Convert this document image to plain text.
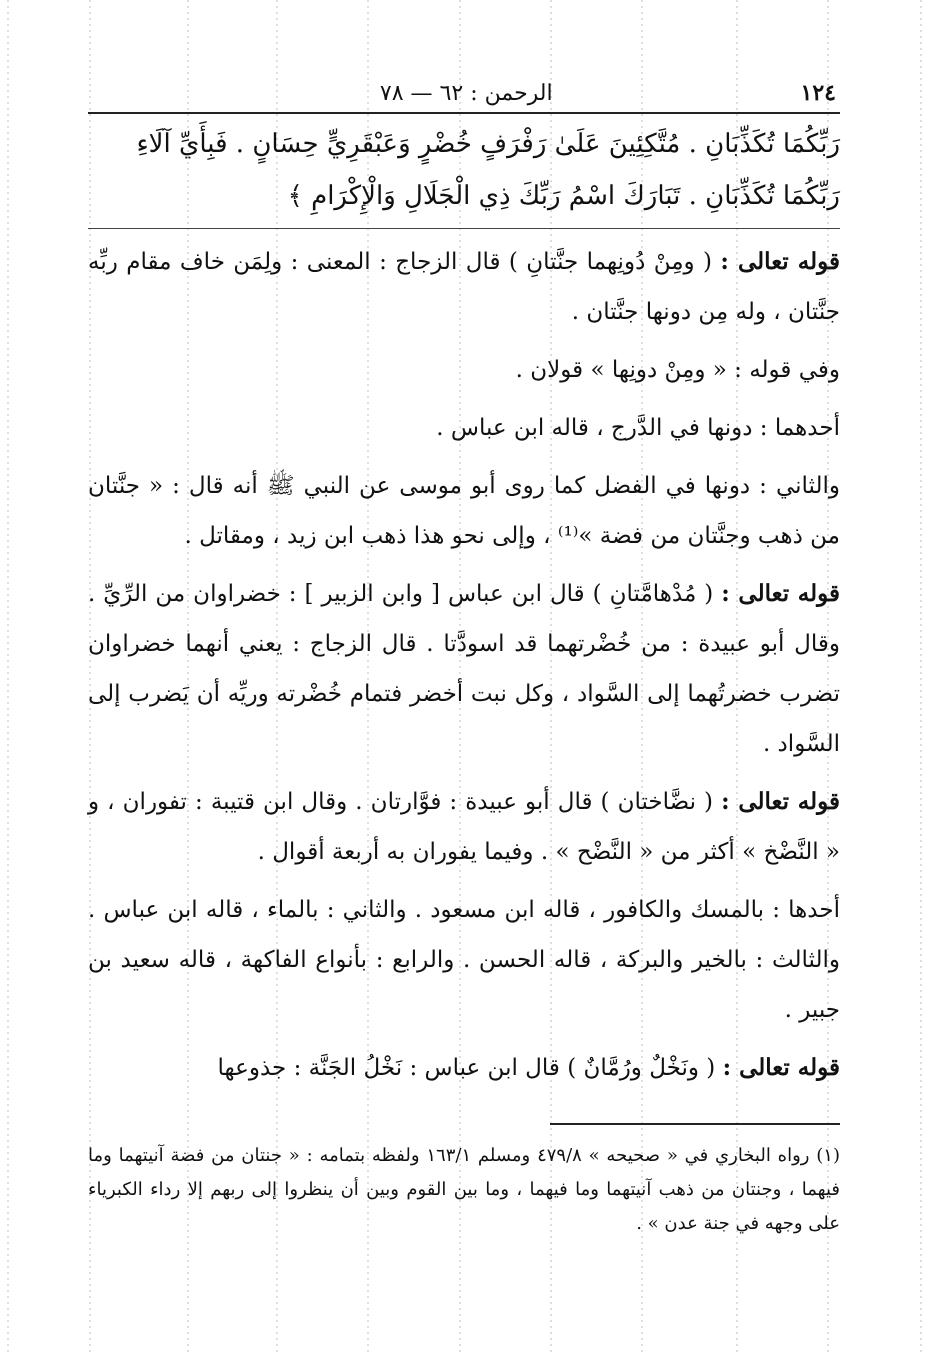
١٢٤
الرحمن : ٦٢ — ٧٨
رَبِّكُمَا تُكَذِّبَانِ . مُتَّكِئِينَ عَلَىٰ رَفْرَفٍ خُضْرٍ وَعَبْقَرِيٍّ حِسَانٍ . فَبِأَيِّ آلَاءِ
رَبِّكُمَا تُكَذِّبَانِ . تَبَارَكَ اسْمُ رَبِّكَ ذِي الْجَلَالِ وَالْإِكْرَامِ ﴾

قوله تعالى : ( ومِنْ دُونِهما جنَّتانِ ) قال الزجاج : المعنى : ولِمَن خاف مقام ربِّه جنَّتان ، وله مِن دونها جنَّتان .

وفي قوله : « ومِنْ دونِها » قولان .

أحدهما : دونها في الدَّرج ، قاله ابن عباس .

والثاني : دونها في الفضل كما روى أبو موسى عن النبي ﷺ أنه قال : « جنَّتان من ذهب وجنَّتان من فضة »⁽¹⁾ ، وإلى نحو هذا ذهب ابن زيد ، ومقاتل .

قوله تعالى : ( مُدْهامَّتانِ ) قال ابن عباس [ وابن الزبير ] : خضراوان من الرِّيِّ . وقال أبو عبيدة : من خُضْرتهما قد اسودَّتا . قال الزجاج : يعني أنهما خضراوان تضرب خضرتُهما إلى السَّواد ، وكل نبت أخضر فتمام خُضْرته وريِّه أن يَضرب إلى السَّواد .

قوله تعالى : ( نضَّاختان ) قال أبو عبيدة : فوَّارتان . وقال ابن قتيبة : تفوران ، و « النَّضْخ » أكثر من « النَّضْح » . وفيما يفوران به أربعة أقوال .

أحدها : بالمسك والكافور ، قاله ابن مسعود . والثاني : بالماء ، قاله ابن عباس . والثالث : بالخير والبركة ، قاله الحسن . والرابع : بأنواع الفاكهة ، قاله سعيد بن جبير .

قوله تعالى : ( ونَخْلٌ ورُمَّانٌ ) قال ابن عباس : نَخْلُ الجَنَّة : جذوعها

(١) رواه البخاري في « صحيحه » ٤٧٩/٨ ومسلم ١٦٣/١ ولفظه بتمامه : « جنتان من فضة آنيتهما وما فيهما ، وجنتان من ذهب آنيتهما وما فيهما ، وما بين القوم وبين أن ينظروا إلى ربهم إلا رداء الكبرياء على وجهه في جنة عدن » .
